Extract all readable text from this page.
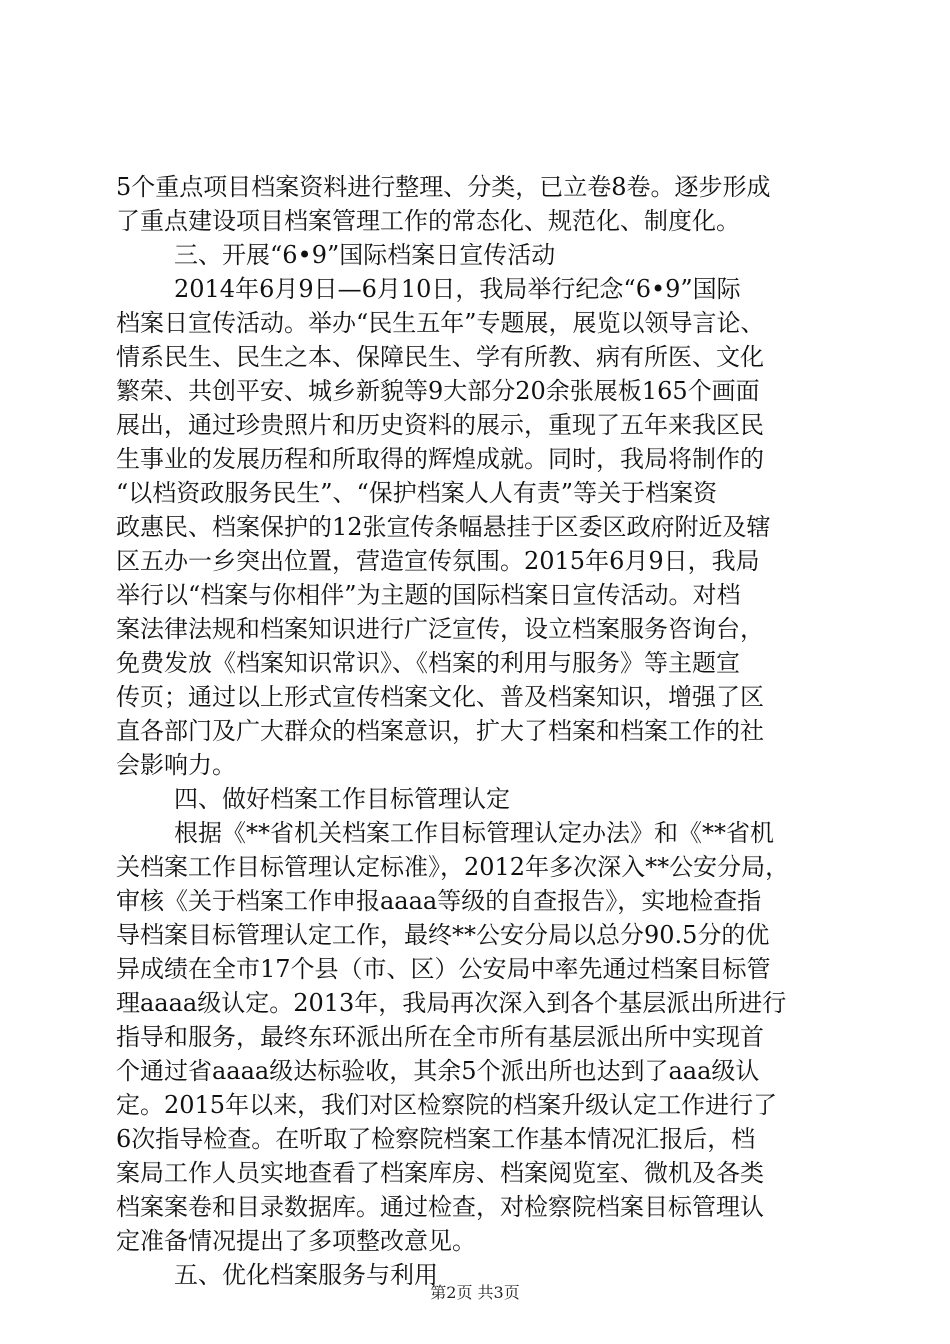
5个重点项目档案资料进行整理、分类，已立卷8卷。逐步形成
了重点建设项目档案管理工作的常态化、规范化、制度化。
三、开展“6•9”国际档案日宣传活动
2014年6月9日—6月10日，我局举行纪念“6•9”国际
档案日宣传活动。举办“民生五年”专题展，展览以领导言论、
情系民生、民生之本、保障民生、学有所教、病有所医、文化
繁荣、共创平安、城乡新貌等9大部分20余张展板165个画面
展出，通过珍贵照片和历史资料的展示，重现了五年来我区民
生事业的发展历程和所取得的辉煌成就。同时，我局将制作的
“以档资政服务民生”、“保护档案人人有责”等关于档案资
政惠民、档案保护的12张宣传条幅悬挂于区委区政府附近及辖
区五办一乡突出位置，营造宣传氛围。2015年6月9日，我局
举行以“档案与你相伴”为主题的国际档案日宣传活动。对档
案法律法规和档案知识进行广泛宣传，设立档案服务咨询台，
免费发放《档案知识常识》、《档案的利用与服务》等主题宣
传页；通过以上形式宣传档案文化、普及档案知识，增强了区
直各部门及广大群众的档案意识，扩大了档案和档案工作的社
会影响力。
四、做好档案工作目标管理认定
根据《**省机关档案工作目标管理认定办法》和《**省机
关档案工作目标管理认定标准》，2012年多次深入**公安分局，
审核《关于档案工作申报aaaa等级的自查报告》，实地检查指
导档案目标管理认定工作，最终**公安分局以总分90.5分的优
异成绩在全市17个县（市、区）公安局中率先通过档案目标管
理aaaa级认定。2013年，我局再次深入到各个基层派出所进行
指导和服务，最终东环派出所在全市所有基层派出所中实现首
个通过省aaaa级达标验收，其余5个派出所也达到了aaa级认
定。2015年以来，我们对区检察院的档案升级认定工作进行了
6次指导检查。在听取了检察院档案工作基本情况汇报后，档
案局工作人员实地查看了档案库房、档案阅览室、微机及各类
档案案卷和目录数据库。通过检查，对检察院档案目标管理认
定准备情况提出了多项整改意见。
五、优化档案服务与利用
第2页 共3页
